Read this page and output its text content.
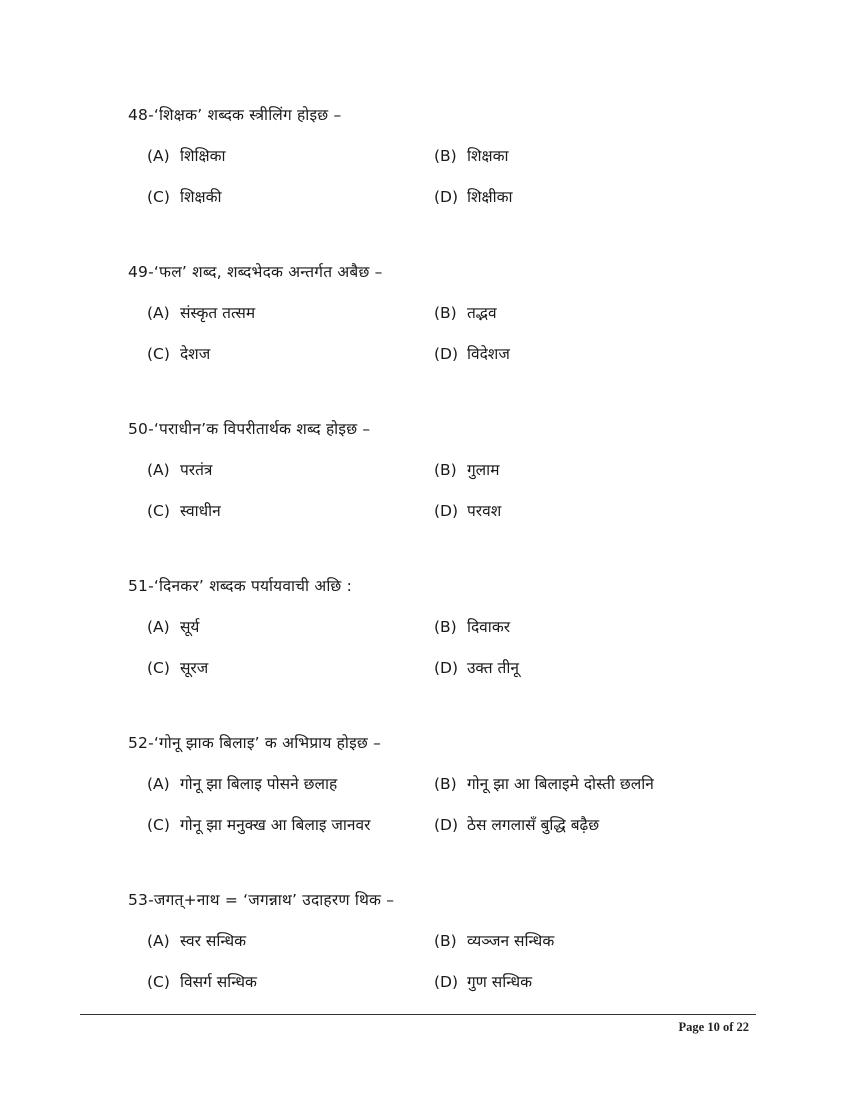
48-‘शिक्षक’ शब्दक स्त्रीलिंग होइछ –
(A) शिक्षिका	(B) शिक्षका
(C) शिक्षकी	(D) शिक्षीका
49-‘फल’ शब्द, शब्दभेदक अन्तर्गत अबैछ –
(A) संस्कृत तत्सम	(B) तद्भव
(C) देशज	(D) विदेशज
50-‘पराधीन’क विपरीतार्थक शब्द होइछ –
(A) परतंत्र	(B) गुलाम
(C) स्वाधीन	(D) परवश
51-‘दिनकर’ शब्दक पर्यायवाची अछि :
(A) सूर्य	(B) दिवाकर
(C) सूरज	(D) उक्त तीनू
52-‘गोनू झाक बिलाइ’ क अभिप्राय होइछ –
(A) गोनू झा बिलाइ पोसने छलाह	(B) गोनू झा आ बिलाइमे दोस्ती छलनि
(C) गोनू झा मनुक्ख आ बिलाइ जानवर	(D) ठेस लगलासँ बुद्धि बढ़ैछ
53-जगत्+नाथ = ‘जगन्नाथ’ उदाहरण थिक –
(A) स्वर सन्धिक	(B) व्यञ्जन सन्धिक
(C) विसर्ग सन्धिक	(D) गुण सन्धिक
Page 10 of 22
